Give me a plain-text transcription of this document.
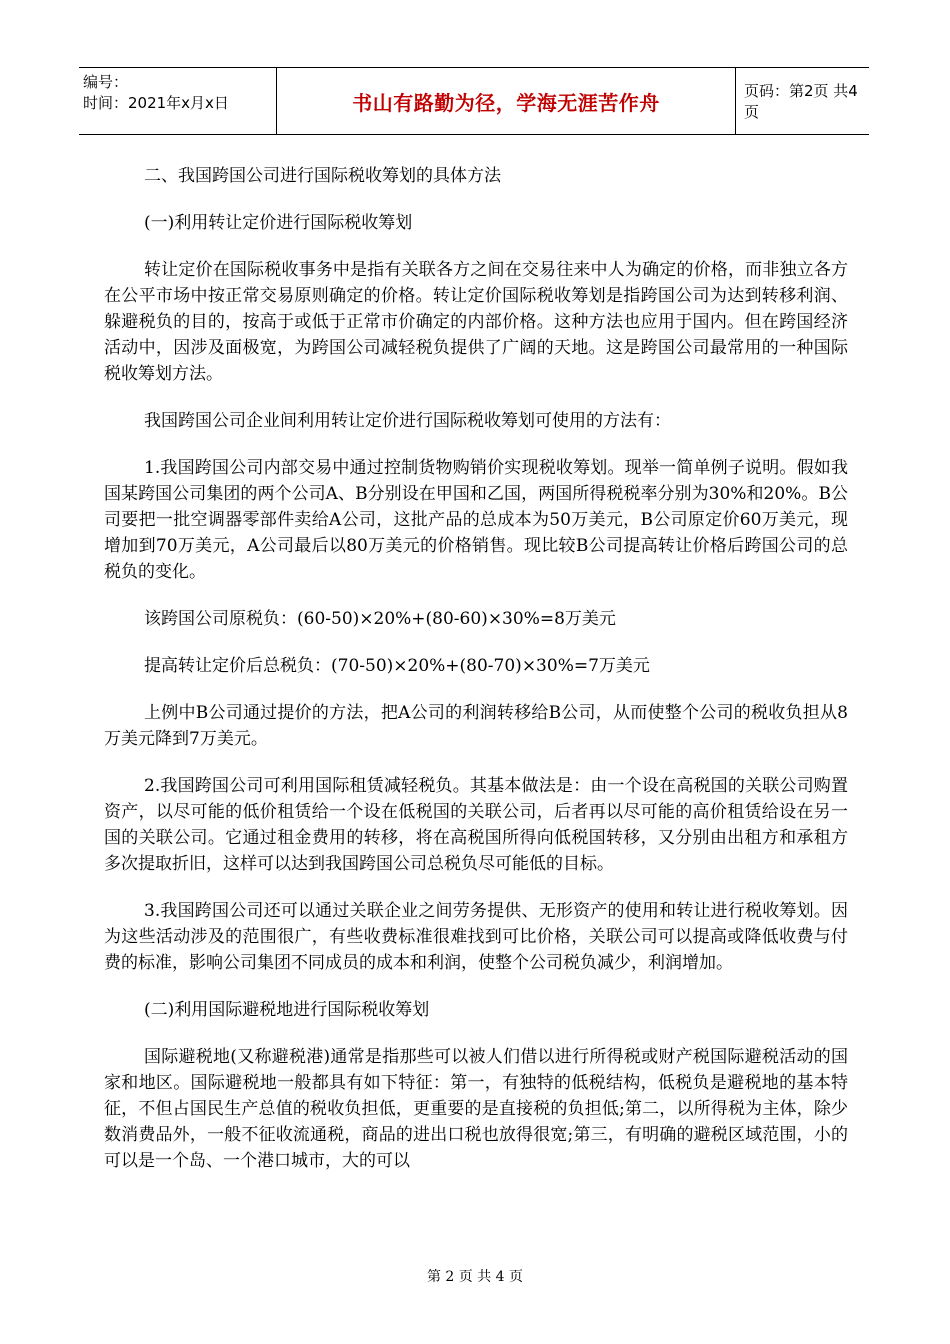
编号：
时间：2021年x月x日	书山有路勤为径，学海无涯苦作舟	页码：第2页 共4页

二、我国跨国公司进行国际税收筹划的具体方法

(一)利用转让定价进行国际税收筹划

转让定价在国际税收事务中是指有关联各方之间在交易往来中人为确定的价格，而非独立各方在公平市场中按正常交易原则确定的价格。转让定价国际税收筹划是指跨国公司为达到转移利润、躲避税负的目的，按高于或低于正常市价确定的内部价格。这种方法也应用于国内。但在跨国经济活动中，因涉及面极宽，为跨国公司减轻税负提供了广阔的天地。这是跨国公司最常用的一种国际税收筹划方法。

我国跨国公司企业间利用转让定价进行国际税收筹划可使用的方法有：

1.我国跨国公司内部交易中通过控制货物购销价实现税收筹划。现举一简单例子说明。假如我国某跨国公司集团的两个公司A、B分别设在甲国和乙国，两国所得税税率分别为30%和20%。B公司要把一批空调器零部件卖给A公司，这批产品的总成本为50万美元，B公司原定价60万美元，现增加到70万美元，A公司最后以80万美元的价格销售。现比较B公司提高转让价格后跨国公司的总税负的变化。

该跨国公司原税负：(60-50)×20%+(80-60)×30%=8万美元

提高转让定价后总税负：(70-50)×20%+(80-70)×30%=7万美元

上例中B公司通过提价的方法，把A公司的利润转移给B公司，从而使整个公司的税收负担从8万美元降到7万美元。

2.我国跨国公司可利用国际租赁减轻税负。其基本做法是：由一个设在高税国的关联公司购置资产，以尽可能的低价租赁给一个设在低税国的关联公司，后者再以尽可能的高价租赁给设在另一国的关联公司。它通过租金费用的转移，将在高税国所得向低税国转移，又分别由出租方和承租方多次提取折旧，这样可以达到我国跨国公司总税负尽可能低的目标。

3.我国跨国公司还可以通过关联企业之间劳务提供、无形资产的使用和转让进行税收筹划。因为这些活动涉及的范围很广，有些收费标准很难找到可比价格，关联公司可以提高或降低收费与付费的标准，影响公司集团不同成员的成本和利润，使整个公司税负减少，利润增加。

(二)利用国际避税地进行国际税收筹划

国际避税地(又称避税港)通常是指那些可以被人们借以进行所得税或财产税国际避税活动的国家和地区。国际避税地一般都具有如下特征：第一，有独特的低税结构，低税负是避税地的基本特征，不但占国民生产总值的税收负担低，更重要的是直接税的负担低;第二，以所得税为主体，除少数消费品外，一般不征收流通税，商品的进出口税也放得很宽;第三，有明确的避税区域范围，小的可以是一个岛、一个港口城市，大的可以

第 2 页 共 4 页
